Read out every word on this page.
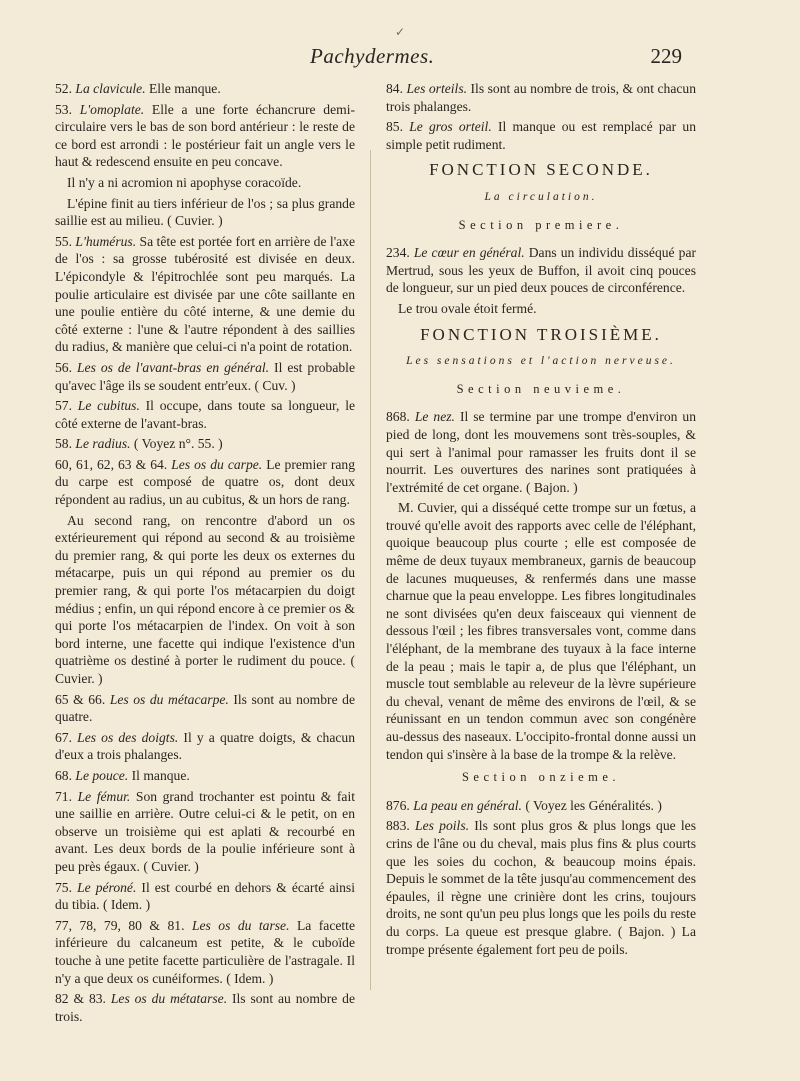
✓
Pachydermes.	229

52. La clavicule. Elle manque.

53. L'omoplate. Elle a une forte échancrure demi-circulaire vers le bas de son bord antérieur : le reste de ce bord est arrondi : le postérieur fait un angle vers le haut & redescend ensuite en peu concave.

Il n'y a ni acromion ni apophyse coracoïde.

L'épine finit au tiers inférieur de l'os ; sa plus grande saillie est au milieu. ( Cuvier. )

55. L'humérus. Sa tête est portée fort en arrière de l'axe de l'os : sa grosse tubérosité est divisée en deux. L'épicondyle & l'épitrochlée sont peu marqués. La poulie articulaire est divisée par une côte saillante en une poulie entière du côté interne, & une demie du côté externe : l'une & l'autre répondent à des saillies du radius, & manière que celui-ci n'a point de rotation.

56. Les os de l'avant-bras en général. Il est probable qu'avec l'âge ils se soudent entr'eux. ( Cuv. )

57. Le cubitus. Il occupe, dans toute sa longueur, le côté externe de l'avant-bras.

58. Le radius. ( Voyez n°. 55. )

60, 61, 62, 63 & 64. Les os du carpe. Le premier rang du carpe est composé de quatre os, dont deux répondent au radius, un au cubitus, & un hors de rang.

Au second rang, on rencontre d'abord un os extérieurement qui répond au second & au troisième du premier rang, & qui porte les deux os externes du métacarpe, puis un qui répond au premier os du premier rang, & qui porte l'os métacarpien du doigt médius ; enfin, un qui répond encore à ce premier os & qui porte l'os métacarpien de l'index. On voit à son bord interne, une facette qui indique l'existence d'un quatrième os destiné à porter le rudiment du pouce. ( Cuvier. )

65 & 66. Les os du métacarpe. Ils sont au nombre de quatre.

67. Les os des doigts. Il y a quatre doigts, & chacun d'eux a trois phalanges.

68. Le pouce. Il manque.

71. Le fémur. Son grand trochanter est pointu & fait une saillie en arrière. Outre celui-ci & le petit, on en observe un troisième qui est aplati & recourbé en avant. Les deux bords de la poulie inférieure sont à peu près égaux. ( Cuvier. )

75. Le péroné. Il est courbé en dehors & écarté ainsi du tibia. ( Idem. )

77, 78, 79, 80 & 81. Les os du tarse. La facette inférieure du calcaneum est petite, & le cuboïde touche à une petite facette particulière de l'astragale. Il n'y a que deux os cunéiformes. ( Idem. )

82 & 83. Les os du métatarse. Ils sont au nombre de trois.

84. Les orteils. Ils sont au nombre de trois, & ont chacun trois phalanges.

85. Le gros orteil. Il manque ou est remplacé par un simple petit rudiment.

FONCTION SECONDE.
La circulation.
Section premiere.

234. Le cœur en général. Dans un individu disséqué par Mertrud, sous les yeux de Buffon, il avoit cinq pouces de longueur, sur un pied deux pouces de circonférence.

Le trou ovale étoit fermé.

FONCTION TROISIÈME.
Les sensations et l'action nerveuse.
Section neuvieme.

868. Le nez. Il se termine par une trompe d'environ un pied de long, dont les mouvemens sont très-souples, & qui sert à l'animal pour ramasser les fruits dont il se nourrit. Les ouvertures des narines sont pratiquées à l'extrémité de cet organe. ( Bajon. )

M. Cuvier, qui a disséqué cette trompe sur un fœtus, a trouvé qu'elle avoit des rapports avec celle de l'éléphant, quoique beaucoup plus courte ; elle est composée de même de deux tuyaux membraneux, garnis de beaucoup de lacunes muqueuses, & renfermés dans une masse charnue que la peau enveloppe. Les fibres longitudinales ne sont divisées qu'en deux faisceaux qui viennent de dessous l'œil ; les fibres transversales vont, comme dans l'éléphant, de la membrane des tuyaux à la face interne de la peau ; mais le tapir a, de plus que l'éléphant, un muscle tout semblable au releveur de la lèvre supérieure du cheval, venant de même des environs de l'œil, & se réunissant en un tendon commun avec son congénère au-dessus des naseaux. L'occipito-frontal donne aussi un tendon qui s'insère à la base de la trompe & la relève.

Section onzieme.

876. La peau en général. ( Voyez les Généralités. )

883. Les poils. Ils sont plus gros & plus longs que les crins de l'âne ou du cheval, mais plus fins & plus courts que les soies du cochon, & beaucoup moins épais. Depuis le sommet de la tête jusqu'au commencement des épaules, il règne une crinière dont les crins, toujours droits, ne sont qu'un peu plus longs que les poils du reste du corps. La queue est presque glabre. ( Bajon. ) La trompe présente également fort peu de poils.
